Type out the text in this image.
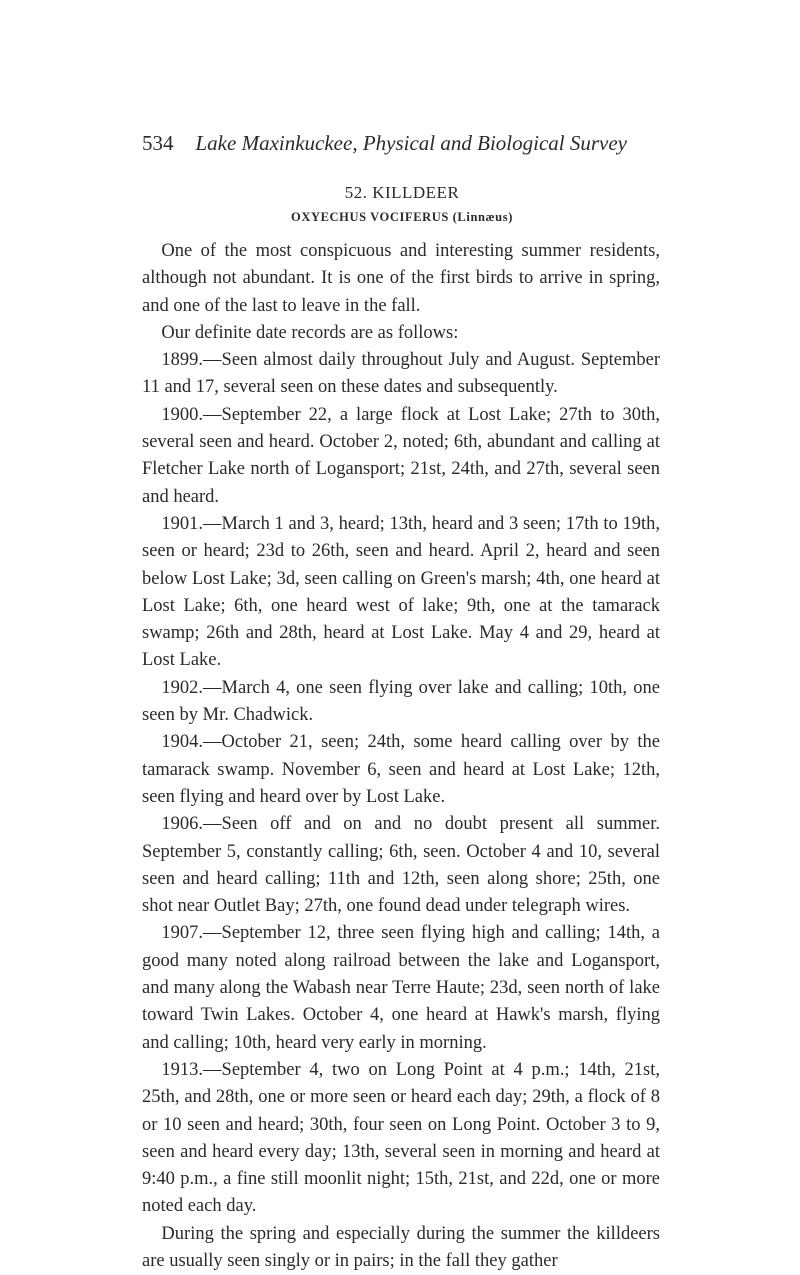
534 Lake Maxinkuckee, Physical and Biological Survey
52. KILLDEER
OXYECHUS VOCIFERUS (Linnæus)

One of the most conspicuous and interesting summer residents, although not abundant. It is one of the first birds to arrive in spring, and one of the last to leave in the fall.

Our definite date records are as follows:

1899.—Seen almost daily throughout July and August. September 11 and 17, several seen on these dates and subsequently.

1900.—September 22, a large flock at Lost Lake; 27th to 30th, several seen and heard. October 2, noted; 6th, abundant and calling at Fletcher Lake north of Logansport; 21st, 24th, and 27th, several seen and heard.

1901.—March 1 and 3, heard; 13th, heard and 3 seen; 17th to 19th, seen or heard; 23d to 26th, seen and heard. April 2, heard and seen below Lost Lake; 3d, seen calling on Green's marsh; 4th, one heard at Lost Lake; 6th, one heard west of lake; 9th, one at the tamarack swamp; 26th and 28th, heard at Lost Lake. May 4 and 29, heard at Lost Lake.

1902.—March 4, one seen flying over lake and calling; 10th, one seen by Mr. Chadwick.

1904.—October 21, seen; 24th, some heard calling over by the tamarack swamp. November 6, seen and heard at Lost Lake; 12th, seen flying and heard over by Lost Lake.

1906.—Seen off and on and no doubt present all summer. September 5, constantly calling; 6th, seen. October 4 and 10, several seen and heard calling; 11th and 12th, seen along shore; 25th, one shot near Outlet Bay; 27th, one found dead under telegraph wires.

1907.—September 12, three seen flying high and calling; 14th, a good many noted along railroad between the lake and Logansport, and many along the Wabash near Terre Haute; 23d, seen north of lake toward Twin Lakes. October 4, one heard at Hawk's marsh, flying and calling; 10th, heard very early in morning.

1913.—September 4, two on Long Point at 4 p.m.; 14th, 21st, 25th, and 28th, one or more seen or heard each day; 29th, a flock of 8 or 10 seen and heard; 30th, four seen on Long Point. October 3 to 9, seen and heard every day; 13th, several seen in morning and heard at 9:40 p.m., a fine still moonlit night; 15th, 21st, and 22d, one or more noted each day.

During the spring and especially during the summer the killdeers are usually seen singly or in pairs; in the fall they gather
